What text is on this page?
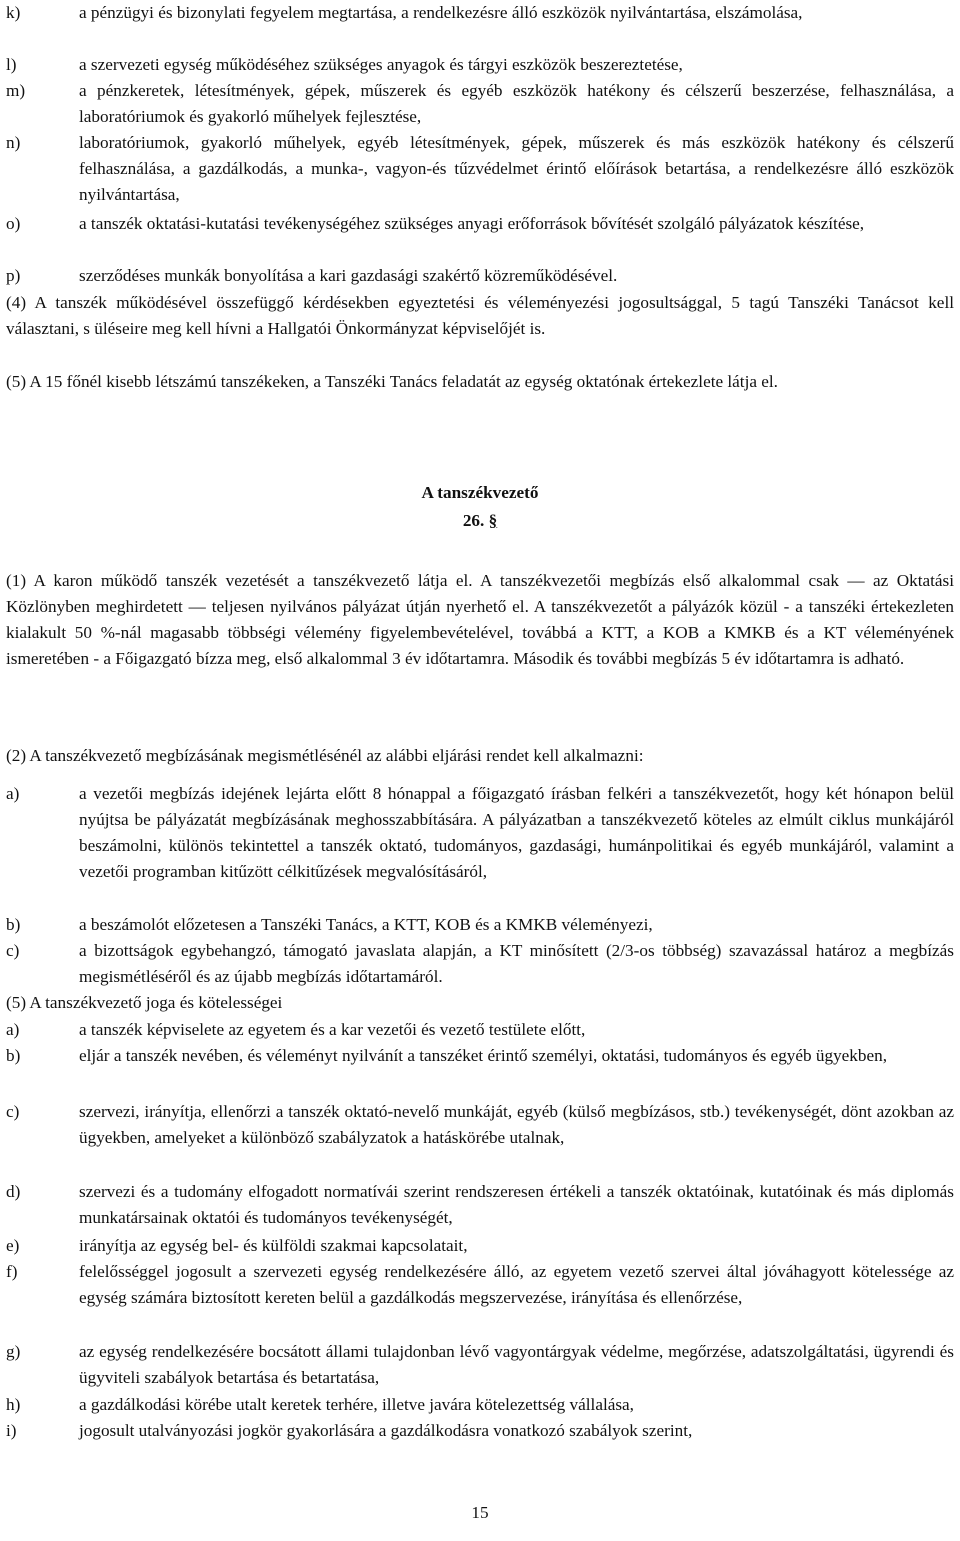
k)	a pénzügyi és bizonylati fegyelem megtartása, a rendelkezésre álló eszközök nyilvántartása, elszámolása,
l)	a szervezeti egység működéséhez szükséges anyagok és tárgyi eszközök beszereztetése,
m)	a pénzkeretek, létesítmények, gépek, műszerek és egyéb eszközök hatékony és célszerű beszerzése, felhasználása, a laboratóriumok és gyakorló műhelyek fejlesztése,
n)	laboratóriumok, gyakorló műhelyek, egyéb létesítmények, gépek, műszerek és más eszközök hatékony és célszerű felhasználása, a gazdálkodás, a munka-, vagyon-és tűzvédelmet érintő előírások betartása, a rendelkezésre álló eszközök nyilvántartása,
o)	a tanszék oktatási-kutatási tevékenységéhez szükséges anyagi erőforrások bővítését szolgáló pályázatok készítése,
p)	szerződéses munkák bonyolítása a kari gazdasági szakértő közreműködésével.
(4) A tanszék működésével összefüggő kérdésekben egyeztetési és véleményezési jogosultsággal, 5 tagú Tanszéki Tanácsot kell választani, s üléseire meg kell hívni a Hallgatói Önkormányzat képviselőjét is.
(5) A 15 főnél kisebb létszámú tanszékeken, a Tanszéki Tanács feladatát az egység oktatónak értekezlete látja el.
A tanszékvezető
26. §
(1) A karon működő tanszék vezetését a tanszékvezető látja el. A tanszékvezetői megbízás első alkalommal csak — az Oktatási Közlönyben meghirdetett — teljesen nyilvános pályázat útján nyerhető el. A tanszékvezetőt a pályázók közül - a tanszéki értekezleten kialakult 50 %-nál magasabb többségi vélemény figyelembevételével, továbbá a KTT, a KOB a KMKB és a KT véleményének ismeretében - a Főigazgató bízza meg, első alkalommal 3 év időtartamra. Második és további megbízás 5 év időtartamra is adható.
(2) A tanszékvezető megbízásának megismétlésénél az alábbi eljárási rendet kell alkalmazni:
a)	a vezetői megbízás idejének lejárta előtt 8 hónappal a főigazgató írásban felkéri a tanszékvezetőt, hogy két hónapon belül nyújtsa be pályázatát megbízásának meghosszabbítására. A pályázatban a tanszékvezető köteles az elmúlt ciklus munkájáról beszámolni, különös tekintettel a tanszék oktató, tudományos, gazdasági, humánpolitikai és egyéb munkájáról, valamint a vezetői programban kitűzött célkitűzések megvalósításáról,
b)	a beszámolót előzetesen a Tanszéki Tanács, a KTT, KOB és a KMKB véleményezi,
c)	a bizottságok egybehangzó, támogató javaslata alapján, a KT minősített (2/3-os többség) szavazással határoz a megbízás megismétléséről és az újabb megbízás időtartamáról.
(5) A tanszékvezető joga és kötelességei
a)	a tanszék képviselete az egyetem és a kar vezetői és vezető testülete előtt,
b)	eljár a tanszék nevében, és véleményt nyilvánít a tanszéket érintő személyi, oktatási, tudományos és egyéb ügyekben,
c)	szervezi, irányítja, ellenőrzi a tanszék oktató-nevelő munkáját, egyéb (külső megbízásos, stb.) tevékenységét, dönt azokban az ügyekben, amelyeket a különböző szabályzatok a hatáskörébe utalnak,
d)	szervezi és a tudomány elfogadott normatívái szerint rendszeresen értékeli a tanszék oktatóinak, kutatóinak és más diplomás munkatársainak oktatói és tudományos tevékenységét,
e)	irányítja az egység bel- és külföldi szakmai kapcsolatait,
f)	felelősséggel jogosult a szervezeti egység rendelkezésére álló, az egyetem vezető szervei által jóváhagyott kötelessége az egység számára biztosított kereten belül a gazdálkodás megszervezése, irányítása és ellenőrzése,
g)	az egység rendelkezésére bocsátott állami tulajdonban lévő vagyontárgyak védelme, megőrzése, adatszolgáltatási, ügyrendi és ügyviteli szabályok betartása és betartatása,
h)	a gazdálkodási körébe utalt keretek terhére, illetve javára kötelezettség vállalása,
i)	jogosult utalványozási jogkör gyakorlására a gazdálkodásra vonatkozó szabályok szerint,
15
